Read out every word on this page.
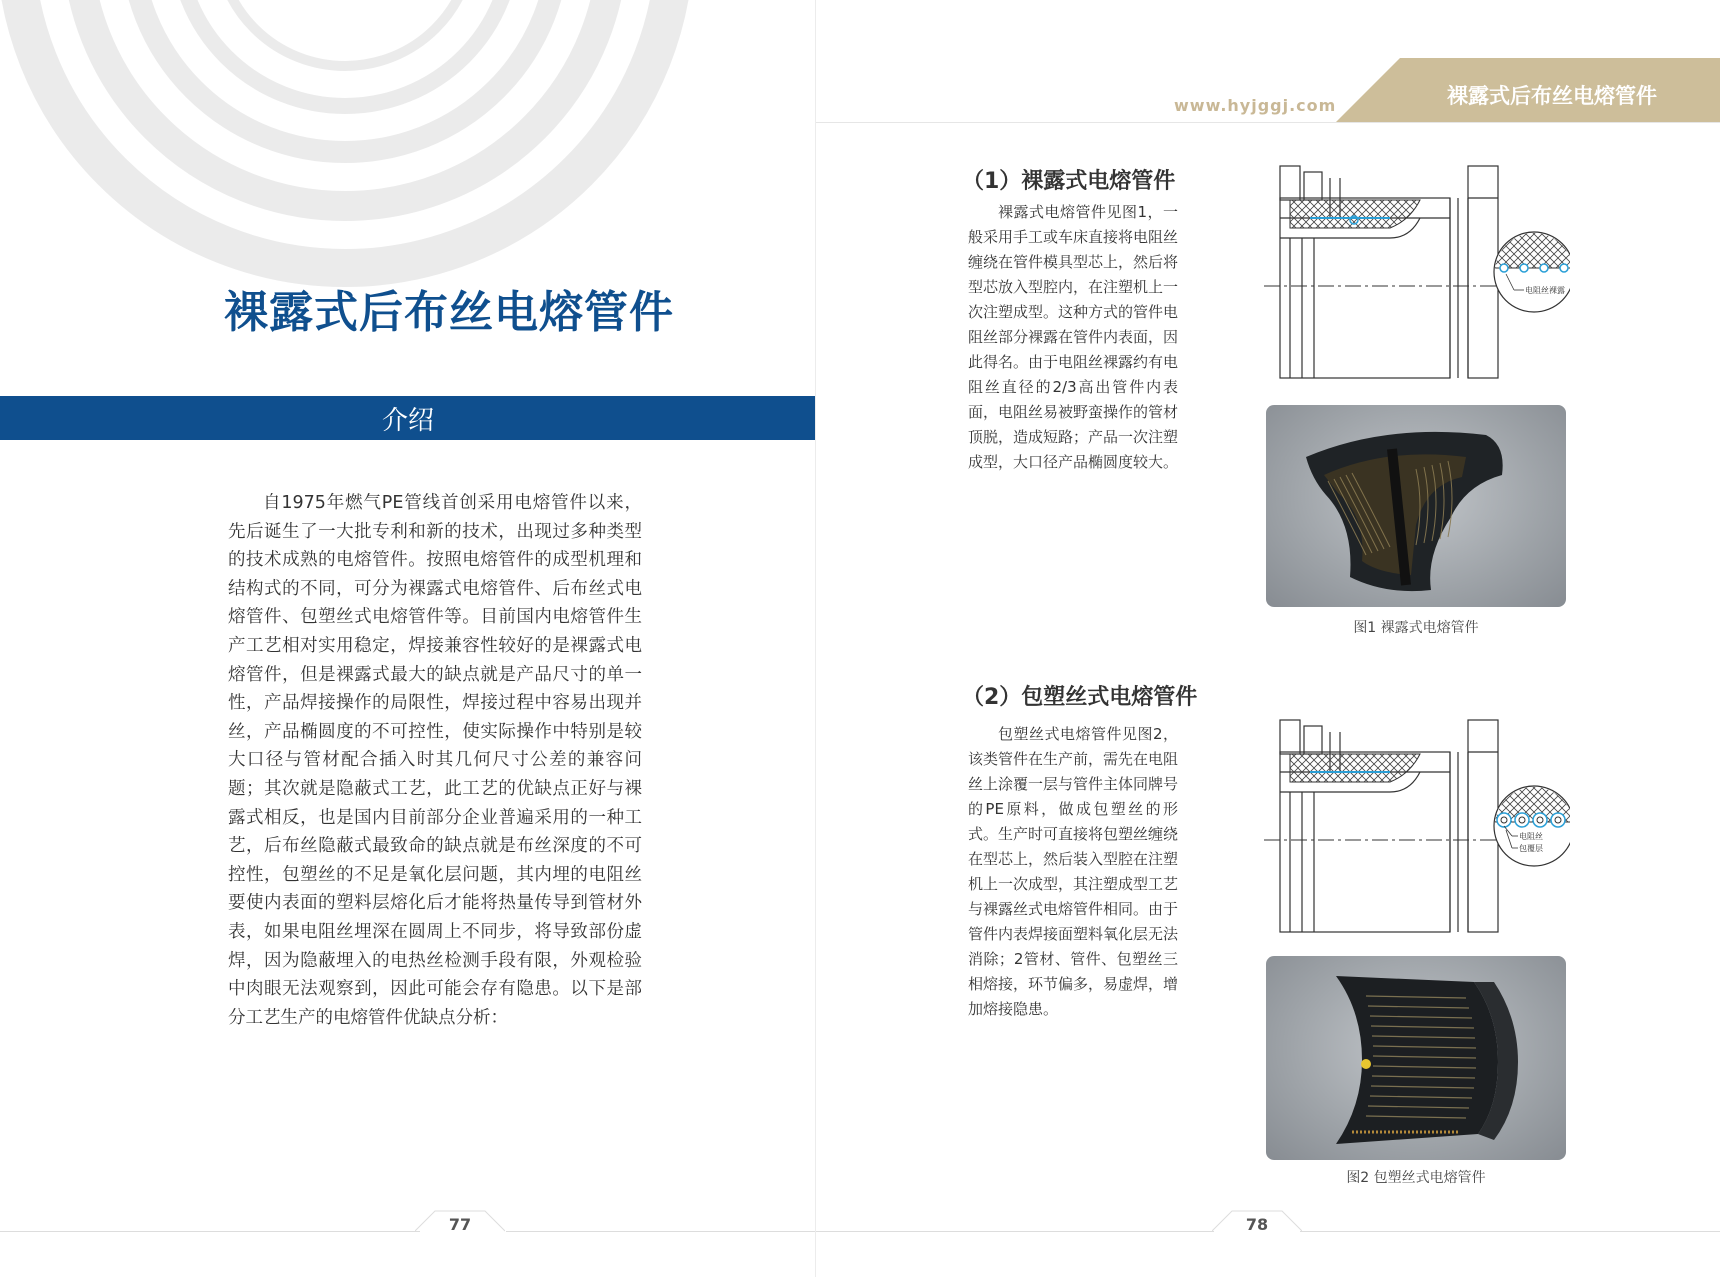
裸露式后布丝电熔管件
介绍

自1975年燃气PE管线首创采用电熔管件以来，先后诞生了一大批专利和新的技术，出现过多种类型的技术成熟的电熔管件。按照电熔管件的成型机理和结构式的不同，可分为裸露式电熔管件、后布丝式电熔管件、包塑丝式电熔管件等。目前国内电熔管件生产工艺相对实用稳定，焊接兼容性较好的是裸露式电熔管件，但是裸露式最大的缺点就是产品尺寸的单一性，产品焊接操作的局限性，焊接过程中容易出现并丝，产品椭圆度的不可控性，使实际操作中特别是较大口径与管材配合插入时其几何尺寸公差的兼容问题；其次就是隐蔽式工艺，此工艺的优缺点正好与裸露式相反，也是国内目前部分企业普遍采用的一种工艺，后布丝隐蔽式最致命的缺点就是布丝深度的不可控性，包塑丝的不足是氧化层问题，其内埋的电阻丝要使内表面的塑料层熔化后才能将热量传导到管材外表，如果电阻丝埋深在圆周上不同步，将导致部份虚焊，因为隐蔽埋入的电热丝检测手段有限，外观检验中肉眼无法观察到，因此可能会存有隐患。以下是部分工艺生产的电熔管件优缺点分析：

77
裸露式后布丝电熔管件
www.hyjggj.com
（1）裸露式电熔管件

裸露式电熔管件见图1，一般采用手工或车床直接将电阻丝缠绕在管件模具型芯上，然后将型芯放入型腔内，在注塑机上一次注塑成型。这种方式的管件电阻丝部分裸露在管件内表面，因此得名。由于电阻丝裸露约有电阻丝直径的2/3高出管件内表面，电阻丝易被野蛮操作的管材顶脱，造成短路；产品一次注塑成型，大口径产品椭圆度较大。

电阻丝裸露
图1 裸露式电熔管件
（2）包塑丝式电熔管件

包塑丝式电熔管件见图2，该类管件在生产前，需先在电阻丝上涂覆一层与管件主体同牌号的PE原料，做成包塑丝的形式。生产时可直接将包塑丝缠绕在型芯上，然后装入型腔在注塑机上一次成型，其注塑成型工艺与裸露丝式电熔管件相同。由于管件内表焊接面塑料氧化层无法消除；2管材、管件、包塑丝三相熔接，环节偏多，易虚焊，增加熔接隐患。

电阻丝
包覆层
图2 包塑丝式电熔管件
78
